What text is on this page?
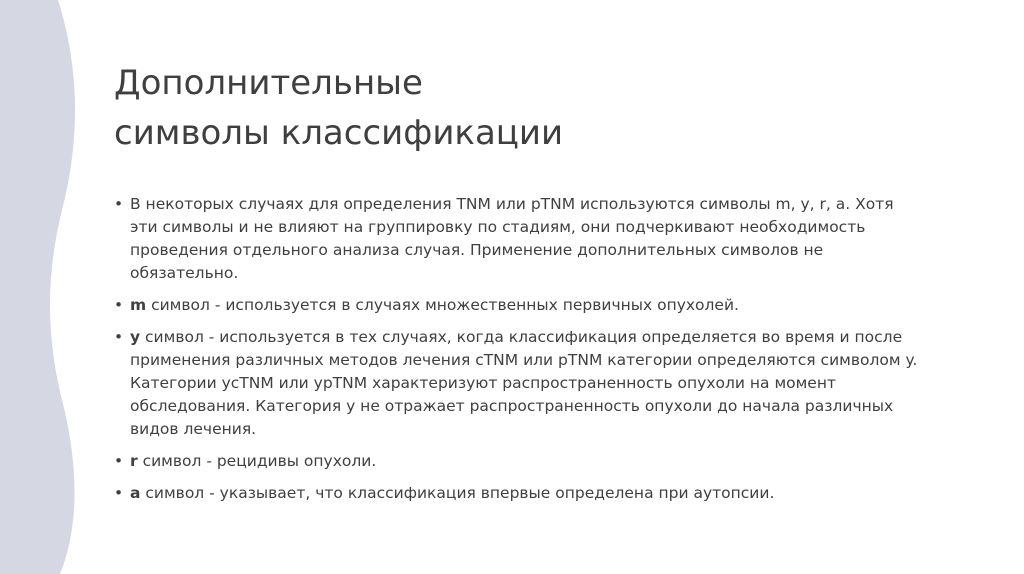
Дополнительные
символы классификации
• В некоторых случаях для определения TNM или pTNM используются символы m, y, r, a. Хотя эти символы и не влияют на группировку по стадиям, они подчеркивают необходимость проведения отдельного анализа случая. Применение дополнительных символов не обязательно.
• m символ - используется в случаях множественных первичных опухолей.
• y символ - используется в тех случаях, когда классификация определяется во время и после применения различных методов лечения cTNM или pTNM категории определяются символом y. Категории ycTNM или ypTNM характеризуют распространенность опухоли на момент обследования. Категория y не отражает распространенность опухоли до начала различных видов лечения.
• r символ - рецидивы опухоли.
• a символ - указывает, что классификация впервые определена при аутопсии.
